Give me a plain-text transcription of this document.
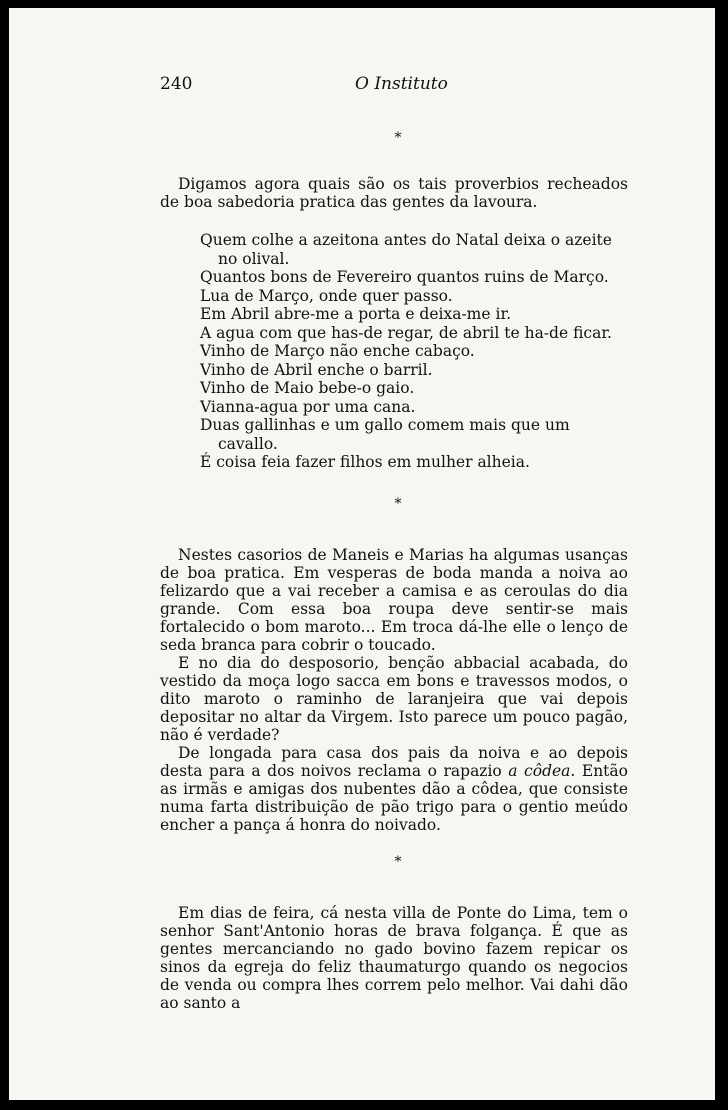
240	O Instituto
*

Digamos agora quais são os tais proverbios recheados de boa sabedoria pratica das gentes da lavoura.

Quem colhe a azeitona antes do Natal deixa o azeite no olival.
Quantos bons de Fevereiro quantos ruins de Março.
Lua de Março, onde quer passo.
Em Abril abre-me a porta e deixa-me ir.
A agua com que has-de regar, de abril te ha-de ficar.
Vinho de Março não enche cabaço.
Vinho de Abril enche o barril.
Vinho de Maio bebe-o gaio.
Vianna-agua por uma cana.
Duas gallinhas e um gallo comem mais que um cavallo.
É coisa feia fazer filhos em mulher alheia.
*

Nestes casorios de Maneis e Marias ha algumas usanças de boa pratica. Em vesperas de boda manda a noiva ao felizardo que a vai receber a camisa e as ceroulas do dia grande. Com essa boa roupa deve sentir-se mais fortalecido o bom maroto... Em troca dá-lhe elle o lenço de seda branca para cobrir o toucado.

E no dia do desposorio, benção abbacial acabada, do vestido da moça logo sacca em bons e travessos modos, o dito maroto o raminho de laranjeira que vai depois depositar no altar da Virgem. Isto parece um pouco pagão, não é verdade?

De longada para casa dos pais da noiva e ao depois desta para a dos noivos reclama o rapazio a côdea. Então as irmãs e amigas dos nubentes dão a côdea, que consiste numa farta distribuição de pão trigo para o gentio meúdo encher a pança á honra do noivado.

*

Em dias de feira, cá nesta villa de Ponte do Lima, tem o senhor Sant'Antonio horas de brava folgança. É que as gentes mercanciando no gado bovino fazem repicar os sinos da egreja do feliz thaumaturgo quando os negocios de venda ou compra lhes correm pelo melhor. Vai dahi dão ao santo a
